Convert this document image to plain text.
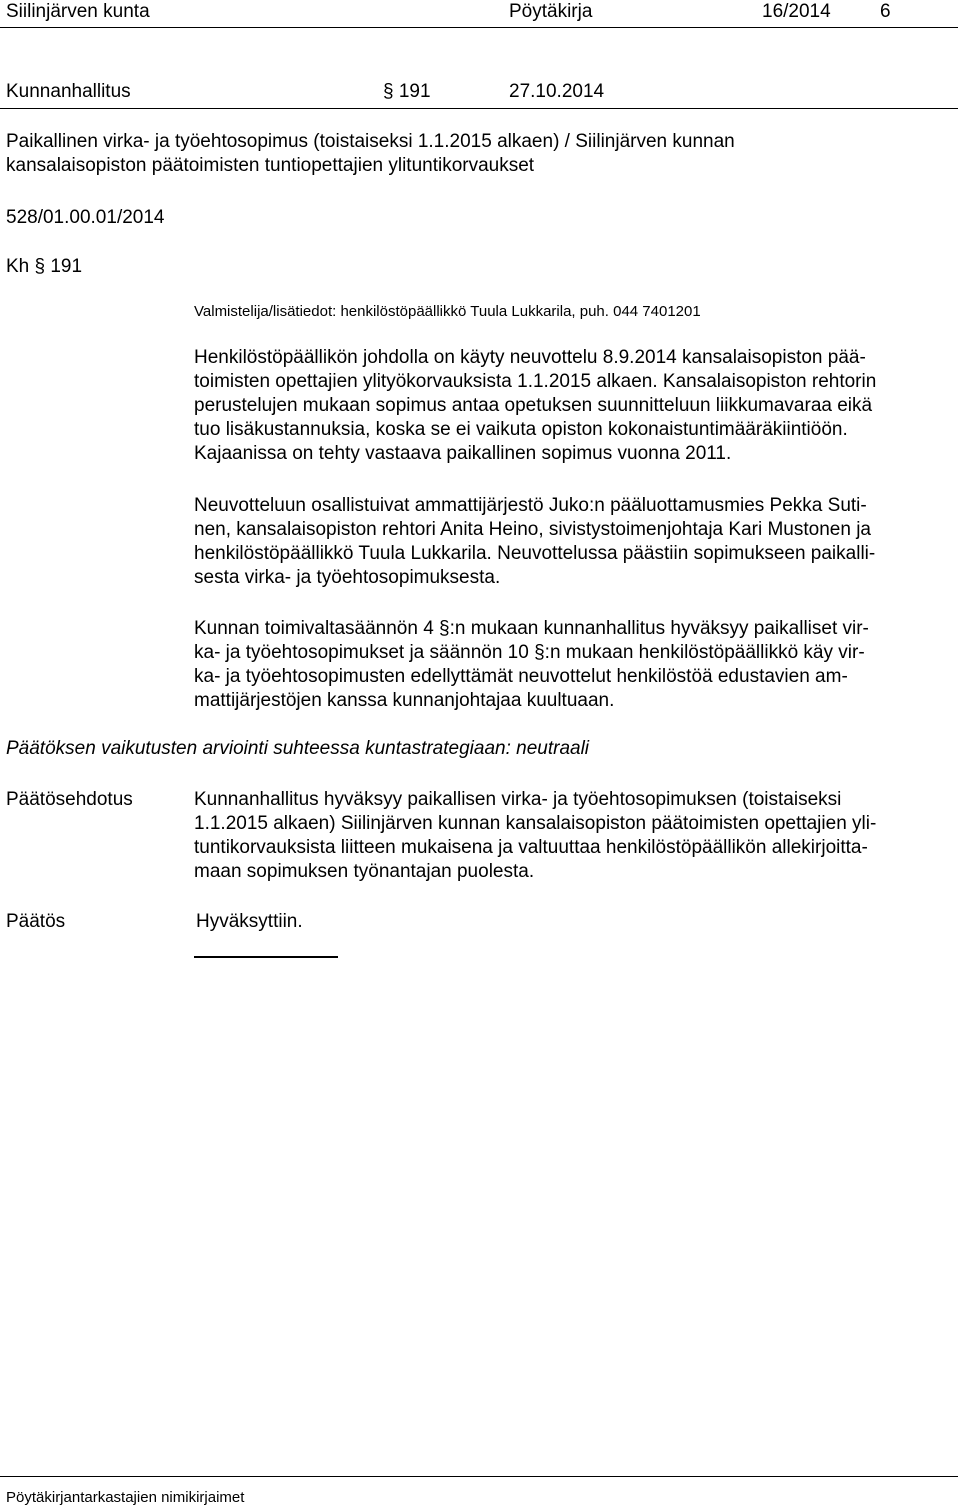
Siilinjärven kunta	Pöytäkirja	16/2014	6
Kunnanhallitus	§ 191	27.10.2014
Paikallinen virka- ja työehtosopimus (toistaiseksi 1.1.2015 alkaen) / Siilinjärven kunnan
kansalaisopiston päätoimisten tuntiopettajien ylituntikorvaukset
528/01.00.01/2014
Kh § 191
Valmistelija/lisätiedot: henkilöstöpäällikkö Tuula Lukkarila, puh. 044 7401201
Henkilöstöpäällikön johdolla on käyty neuvottelu 8.9.2014 kansalaisopiston pää-
toimisten opettajien ylityökorvauksista 1.1.2015 alkaen. Kansalaisopiston rehtorin
perustelujen mukaan sopimus antaa opetuksen suunnitteluun liikkumavaraa eikä
tuo lisäkustannuksia, koska se ei vaikuta opiston kokonaistuntimääräkiintiöön.
Kajaanissa on tehty vastaava paikallinen sopimus vuonna 2011.
Neuvotteluun osallistuivat ammattijärjestö Juko:n pääluottamusmies Pekka Suti-
nen, kansalaisopiston rehtori Anita Heino, sivistystoimenjohtaja Kari Mustonen ja
henkilöstöpäällikkö Tuula Lukkarila. Neuvottelussa päästiin sopimukseen paikalli-
sesta virka- ja työehtosopimuksesta.
Kunnan toimivaltasäännön 4 §:n mukaan kunnanhallitus hyväksyy paikalliset vir-
ka- ja työehtosopimukset ja säännön 10 §:n mukaan henkilöstöpäällikkö käy vir-
ka- ja työehtosopimusten edellyttämät neuvottelut henkilöstöä edustavien am-
mattijärjestöjen kanssa kunnanjohtajaa kuultuaan.
Päätöksen vaikutusten arviointi suhteessa kuntastrategiaan: neutraali
Päätösehdotus	Kunnanhallitus hyväksyy paikallisen virka- ja työehtosopimuksen (toistaiseksi
1.1.2015 alkaen) Siilinjärven kunnan kansalaisopiston päätoimisten opettajien yli-
tuntikorvauksista liitteen mukaisena ja valtuuttaa henkilöstöpäällikön allekirjoitta-
maan sopimuksen työnantajan puolesta.
Päätös	Hyväksyttiin.
Pöytäkirjantarkastajien nimikirjaimet
